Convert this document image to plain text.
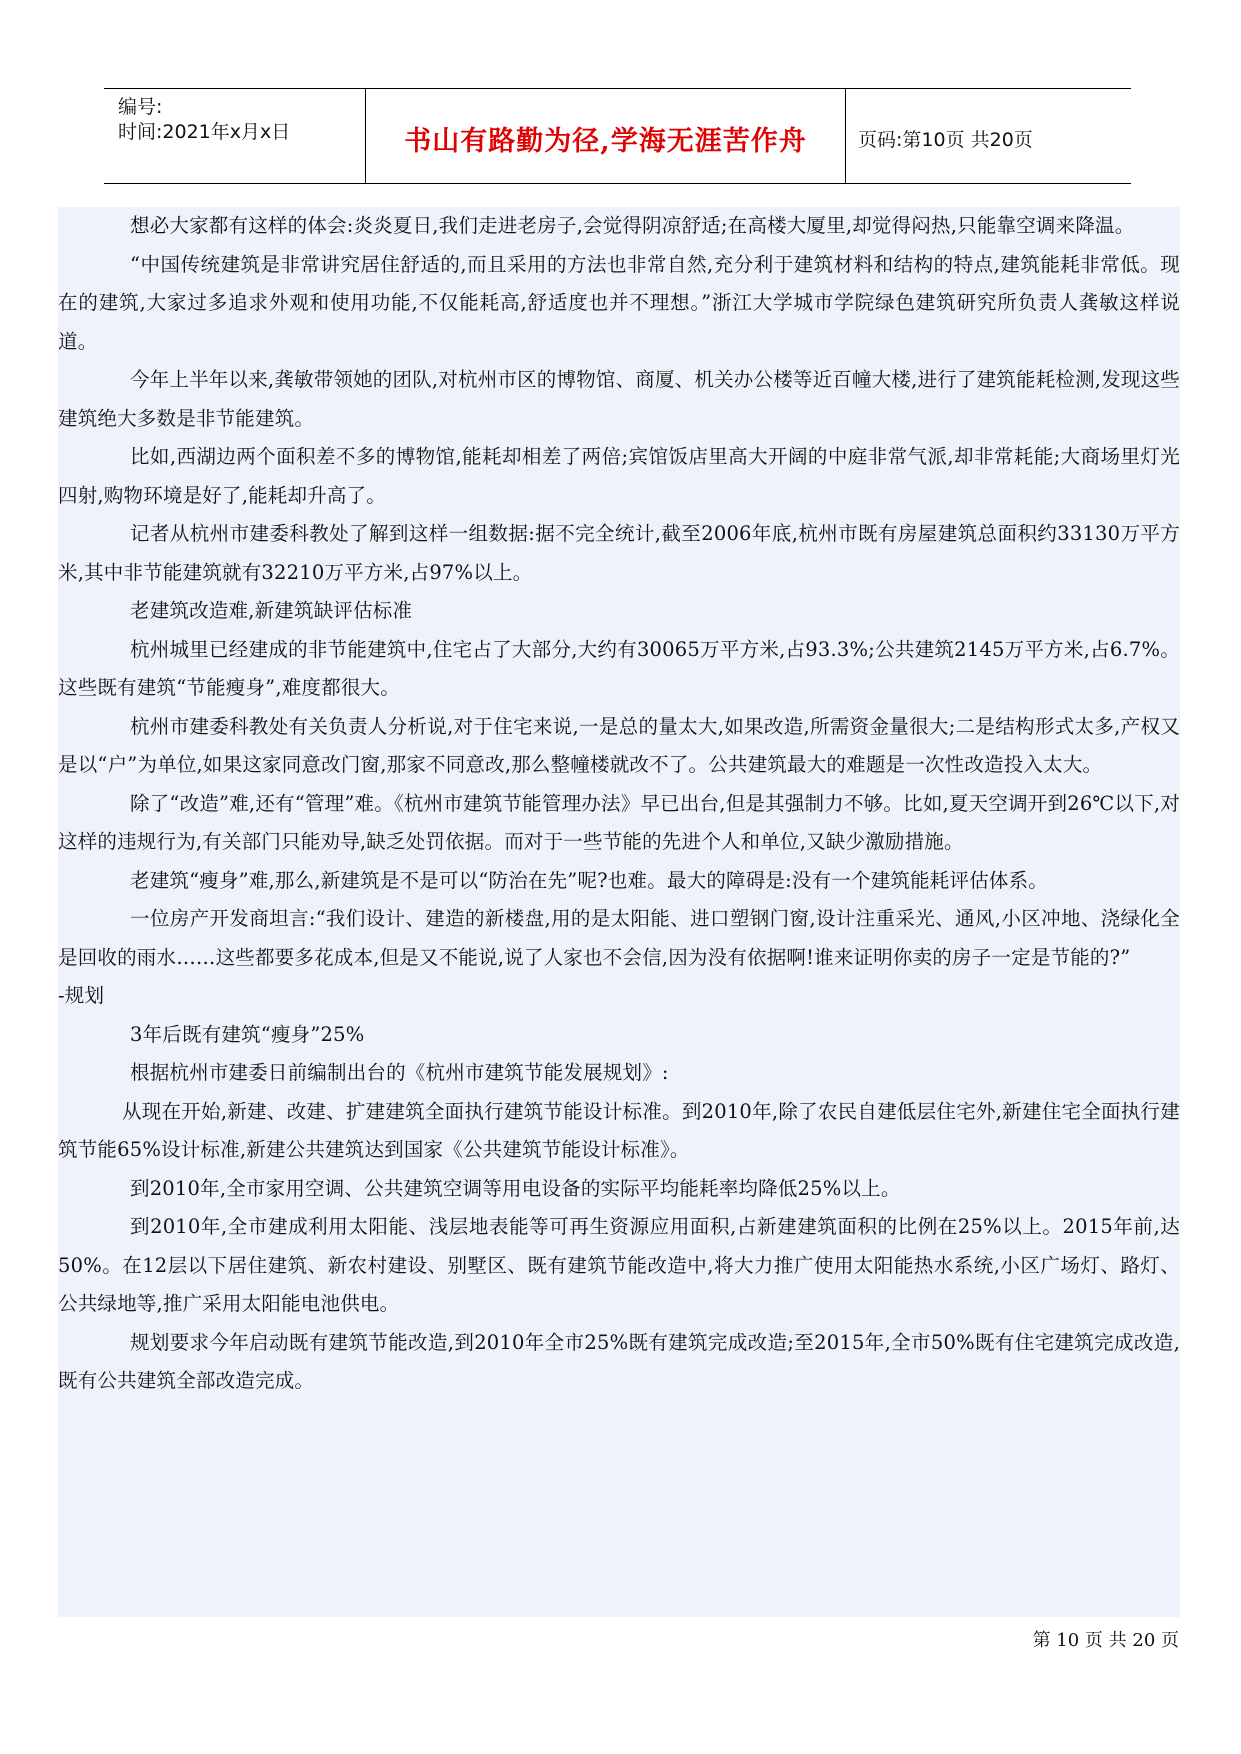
编号:
时间:2021年x月x日	书山有路勤为径,学海无涯苦作舟	页码:第10页 共20页

想必大家都有这样的体会:炎炎夏日,我们走进老房子,会觉得阴凉舒适;在高楼大厦里,却觉得闷热,只能靠空调来降温。

“中国传统建筑是非常讲究居住舒适的,而且采用的方法也非常自然,充分利于建筑材料和结构的特点,建筑能耗非常低。现在的建筑,大家过多追求外观和使用功能,不仅能耗高,舒适度也并不理想。”浙江大学城市学院绿色建筑研究所负责人龚敏这样说道。

今年上半年以来,龚敏带领她的团队,对杭州市区的博物馆、商厦、机关办公楼等近百幢大楼,进行了建筑能耗检测,发现这些建筑绝大多数是非节能建筑。

比如,西湖边两个面积差不多的博物馆,能耗却相差了两倍;宾馆饭店里高大开阔的中庭非常气派,却非常耗能;大商场里灯光四射,购物环境是好了,能耗却升高了。

记者从杭州市建委科教处了解到这样一组数据:据不完全统计,截至2006年底,杭州市既有房屋建筑总面积约33130万平方米,其中非节能建筑就有32210万平方米,占97%以上。

老建筑改造难,新建筑缺评估标准

杭州城里已经建成的非节能建筑中,住宅占了大部分,大约有30065万平方米,占93.3%;公共建筑2145万平方米,占6.7%。这些既有建筑“节能瘦身”,难度都很大。

杭州市建委科教处有关负责人分析说,对于住宅来说,一是总的量太大,如果改造,所需资金量很大;二是结构形式太多,产权又是以“户”为单位,如果这家同意改门窗,那家不同意改,那么整幢楼就改不了。公共建筑最大的难题是一次性改造投入太大。

除了“改造”难,还有“管理”难。《杭州市建筑节能管理办法》早已出台,但是其强制力不够。比如,夏天空调开到26℃以下,对这样的违规行为,有关部门只能劝导,缺乏处罚依据。而对于一些节能的先进个人和单位,又缺少激励措施。

老建筑“瘦身”难,那么,新建筑是不是可以“防治在先”呢?也难。最大的障碍是:没有一个建筑能耗评估体系。

一位房产开发商坦言:“我们设计、建造的新楼盘,用的是太阳能、进口塑钢门窗,设计注重采光、通风,小区冲地、浇绿化全是回收的雨水……这些都要多花成本,但是又不能说,说了人家也不会信,因为没有依据啊!谁来证明你卖的房子一定是节能的?”

-规划

3年后既有建筑“瘦身”25%

根据杭州市建委日前编制出台的《杭州市建筑节能发展规划》:

从现在开始,新建、改建、扩建建筑全面执行建筑节能设计标准。到2010年,除了农民自建低层住宅外,新建住宅全面执行建筑节能65%设计标准,新建公共建筑达到国家《公共建筑节能设计标准》。

到2010年,全市家用空调、公共建筑空调等用电设备的实际平均能耗率均降低25%以上。

到2010年,全市建成利用太阳能、浅层地表能等可再生资源应用面积,占新建建筑面积的比例在25%以上。2015年前,达50%。在12层以下居住建筑、新农村建设、别墅区、既有建筑节能改造中,将大力推广使用太阳能热水系统,小区广场灯、路灯、公共绿地等,推广采用太阳能电池供电。

规划要求今年启动既有建筑节能改造,到2010年全市25%既有建筑完成改造;至2015年,全市50%既有住宅建筑完成改造,既有公共建筑全部改造完成。

第 10 页 共 20 页
